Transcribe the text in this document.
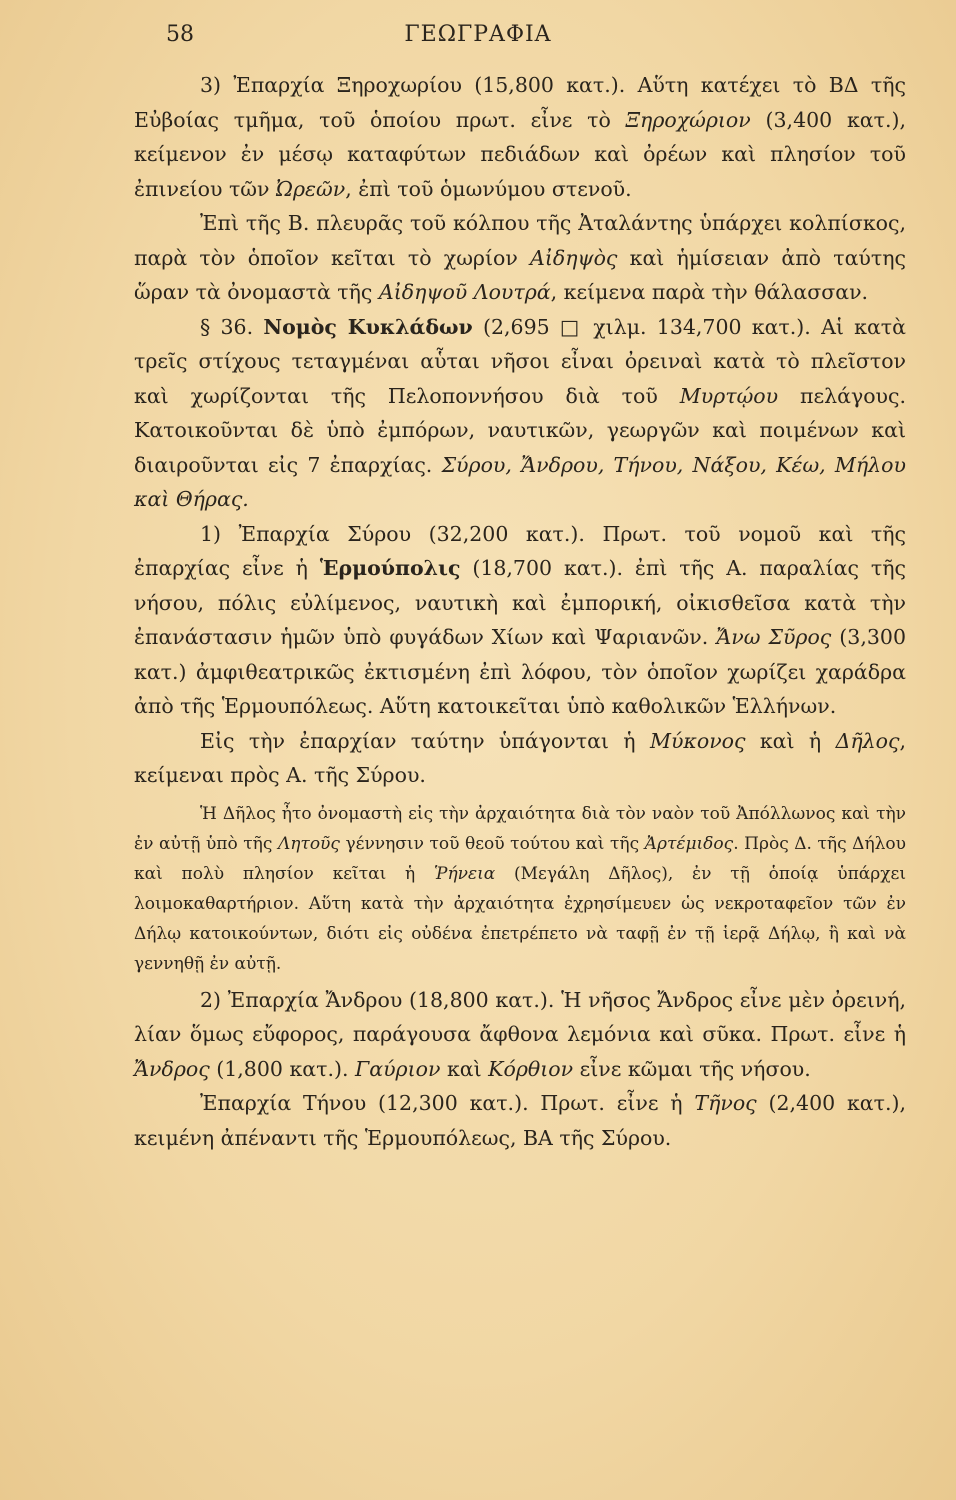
58	ΓΕΩΓΡΑΦΙΑ

3) Ἐπαρχία Ξηροχωρίου (15,800 κατ.). Αὕτη κατέχει τὸ ΒΔ τῆς Εὐβοίας τμῆμα, τοῦ ὁποίου πρωτ. εἶνε τὸ Ξηροχώριον (3,400 κατ.), κείμενον ἐν μέσῳ καταφύτων πεδιάδων καὶ ὀρέων καὶ πλησίον τοῦ ἐπινείου τῶν Ὠρεῶν, ἐπὶ τοῦ ὁμωνύμου στενοῦ.

Ἐπὶ τῆς Β. πλευρᾶς τοῦ κόλπου τῆς Ἀταλάντης ὑπάρχει κολπίσκος, παρὰ τὸν ὁποῖον κεῖται τὸ χωρίον Αἰδηψὸς καὶ ἡμίσειαν ἀπὸ ταύτης ὥραν τὰ ὀνομαστὰ τῆς Αἰδηψοῦ Λουτρά, κείμενα παρὰ τὴν θάλασσαν.

§ 36. Νομὸς Κυκλάδων (2,695 □ χιλμ. 134,700 κατ.). Αἱ κατὰ τρεῖς στίχους τεταγμέναι αὗται νῆσοι εἶναι ὀρειναὶ κατὰ τὸ πλεῖστον καὶ χωρίζονται τῆς Πελοποννήσου διὰ τοῦ Μυρτῴου πελάγους. Κατοικοῦνται δὲ ὑπὸ ἐμπόρων, ναυτικῶν, γεωργῶν καὶ ποιμένων καὶ διαιροῦνται εἰς 7 ἐπαρχίας. Σύρου, Ἄνδρου, Τήνου, Νάξου, Κέω, Μήλου καὶ Θήρας.

1) Ἐπαρχία Σύρου (32,200 κατ.). Πρωτ. τοῦ νομοῦ καὶ τῆς ἐπαρχίας εἶνε ἡ Ἑρμούπολις (18,700 κατ.). ἐπὶ τῆς Α. παραλίας τῆς νήσου, πόλις εὐλίμενος, ναυτικὴ καὶ ἐμπορική, οἰκισθεῖσα κατὰ τὴν ἐπανάστασιν ἡμῶν ὑπὸ φυγάδων Χίων καὶ Ψαριανῶν. Ἄνω Σῦρος (3,300 κατ.) ἀμφιθεατρικῶς ἐκτισμένη ἐπὶ λόφου, τὸν ὁποῖον χωρίζει χαράδρα ἀπὸ τῆς Ἑρμουπόλεως. Αὕτη κατοικεῖται ὑπὸ καθολικῶν Ἑλλήνων.

Εἰς τὴν ἐπαρχίαν ταύτην ὑπάγονται ἡ Μύκονος καὶ ἡ Δῆλος, κείμεναι πρὸς Α. τῆς Σύρου.

Ἡ Δῆλος ἦτο ὀνομαστὴ εἰς τὴν ἀρχαιότητα διὰ τὸν ναὸν τοῦ Ἀπόλλωνος καὶ τὴν ἐν αὐτῇ ὑπὸ τῆς Λητοῦς γέννησιν τοῦ θεοῦ τούτου καὶ τῆς Ἀρτέμιδος. Πρὸς Δ. τῆς Δήλου καὶ πολὺ πλησίον κεῖται ἡ Ῥήνεια (Μεγάλη Δῆλος), ἐν τῇ ὁποίᾳ ὑπάρχει λοιμοκαθαρτήριον. Αὕτη κατὰ τὴν ἀρχαιότητα ἐχρησίμευεν ὡς νεκροταφεῖον τῶν ἐν Δήλῳ κατοικούντων, διότι εἰς οὐδένα ἐπετρέπετο νὰ ταφῇ ἐν τῇ ἱερᾷ Δήλῳ, ἢ καὶ νὰ γεννηθῇ ἐν αὐτῇ.

2) Ἐπαρχία Ἄνδρου (18,800 κατ.). Ἡ νῆσος Ἄνδρος εἶνε μὲν ὀρεινή, λίαν ὅμως εὔφορος, παράγουσα ἄφθονα λεμόνια καὶ σῦκα. Πρωτ. εἶνε ἡ Ἄνδρος (1,800 κατ.). Γαύριον καὶ Κόρθιον εἶνε κῶμαι τῆς νήσου.

Ἐπαρχία Τήνου (12,300 κατ.). Πρωτ. εἶνε ἡ Τῆνος (2,400 κατ.), κειμένη ἀπέναντι τῆς Ἑρμουπόλεως, ΒΑ τῆς Σύρου.
